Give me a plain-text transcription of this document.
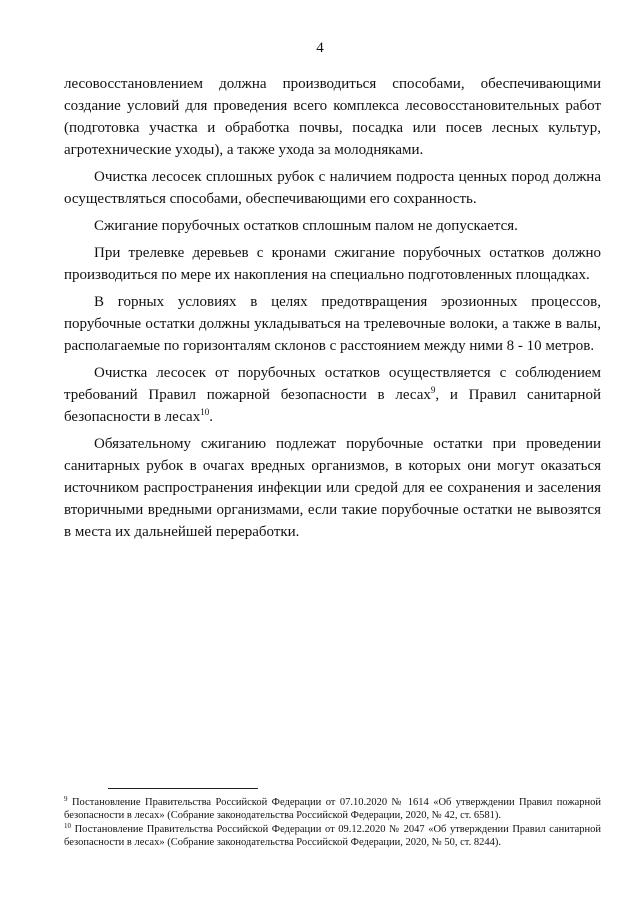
4

лесовосстановлением должна производиться способами, обеспечивающими создание условий для проведения всего комплекса лесовосстановительных работ (подготовка участка и обработка почвы, посадка или посев лесных культур, агротехнические уходы), а также ухода за молодняками.

Очистка лесосек сплошных рубок с наличием подроста ценных пород должна осуществляться способами, обеспечивающими его сохранность.

Сжигание порубочных остатков сплошным палом не допускается.

При трелевке деревьев с кронами сжигание порубочных остатков должно производиться по мере их накопления на специально подготовленных площадках.

В горных условиях в целях предотвращения эрозионных процессов, порубочные остатки должны укладываться на трелевочные волоки, а также в валы, располагаемые по горизонталям склонов с расстоянием между ними 8 - 10 метров.

Очистка лесосек от порубочных остатков осуществляется с соблюдением требований Правил пожарной безопасности в лесах$^9$, и Правил санитарной безопасности в лесах$^{10}$.

Обязательному сжиганию подлежат порубочные остатки при проведении санитарных рубок в очагах вредных организмов, в которых они могут оказаться источником распространения инфекции или средой для ее сохранения и заселения вторичными вредными организмами, если такие порубочные остатки не вывозятся в места их дальнейшей переработки.

$^9$ Постановление Правительства Российской Федерации от 07.10.2020 № 1614 «Об утверждении Правил пожарной безопасности в лесах» (Собрание законодательства Российской Федерации, 2020, № 42, ст. 6581).
$^{10}$ Постановление Правительства Российской Федерации от 09.12.2020 № 2047 «Об утверждении Правил санитарной безопасности в лесах» (Собрание законодательства Российской Федерации, 2020, № 50, ст. 8244).
